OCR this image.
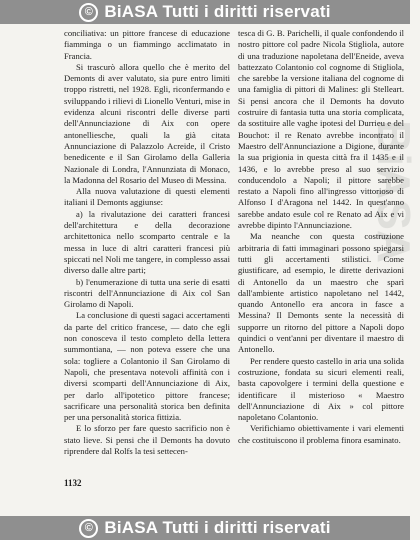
© BiASA Tutti i diritti riservati
BiASA

conciliativa: un pittore francese di educazione fiamminga o un fiammingo acclimatato in Francia.

Si trascurò allora quello che è merito del Demonts di aver valutato, sia pure entro limiti troppo ristretti, nel 1928. Egli, riconfermando e sviluppando i rilievi di Lionello Venturi, mise in evidenza alcuni riscontri delle diverse parti dell'Annunciazione di Aix con opere antonelliesche, quali la già citata Annunciazione di Palazzolo Acreide, il Cristo benedicente e il San Girolamo della Galleria Nazionale di Londra, l'Annunziata di Monaco, la Madonna del Rosario del Museo di Messina.

Alla nuova valutazione di questi elementi italiani il Demonts aggiunse:

a) la rivalutazione dei caratteri francesi dell'architettura e della decorazione architettonica nello scomparto centrale e la messa in luce di altri caratteri francesi più spiccati nel Noli me tangere, in complesso assai diverso dalle altre parti;

b) l'enumerazione di tutta una serie di esatti riscontri dell'Annunciazione di Aix col San Girolamo di Napoli.

La conclusione di questi sagaci accertamenti da parte del critico francese, — dato che egli non conosceva il testo completo della lettera summontiana, — non poteva essere che una sola: togliere a Colantonio il San Girolamo di Napoli, che presentava notevoli affinità con i diversi scomparti dell'Annunciazione di Aix, per darlo all'ipotetico pittore francese; sacrificare una personalità storica ben definita per una personalità storica fittizia.

E lo sforzo per fare questo sacrificio non è stato lieve. Si pensi che il Demonts ha dovuto riprendere dal Rolfs la tesi settecen-

tesca di G. B. Parichelli, il quale confondendo il nostro pittore col padre Nicola Stigliola, autore di una traduzione napoletana dell'Eneide, aveva battezzato Colantonio col cognome di Stigliola, che sarebbe la versione italiana del cognome di una famiglia di pittori di Malines: gli Stelleart. Si pensi ancora che il Demonts ha dovuto costruire di fantasia tutta una storia complicata, da sostituire alle vaghe ipotesi del Durrieu e del Bouchot: il re Renato avrebbe incontrato il Maestro dell'Annunciazione a Digione, durante la sua prigionia in questa città fra il 1435 e il 1436, e lo avrebbe preso al suo servizio conducendolo a Napoli; il pittore sarebbe restato a Napoli fino all'ingresso vittorioso di Alfonso I d'Aragona nel 1442. In quest'anno sarebbe andato esule col re Renato ad Aix e vi avrebbe dipinto l'Annunciazione.

Ma neanche con questa costruzione arbitraria di fatti immaginari possono spiegarsi tutti gli accertamenti stilistici. Come giustificare, ad esempio, le dirette derivazioni di Antonello da un maestro che sparì dall'ambiente artistico napoletano nel 1442, quando Antonello era ancora in fasce a Messina? Il Demonts sente la necessità di supporre un ritorno del pittore a Napoli dopo quindici o vent'anni per diventare il maestro di Antonello.

Per rendere questo castello in aria una solida costruzione, fondata su sicuri elementi reali, basta capovolgere i termini della questione e identificare il misterioso « Maestro dell'Annunciazione di Aix » col pittore napoletano Colantonio.

Verifichiamo obiettivamente i vari elementi che costituiscono il problema finora esaminato.

1132
© BiASA Tutti i diritti riservati
